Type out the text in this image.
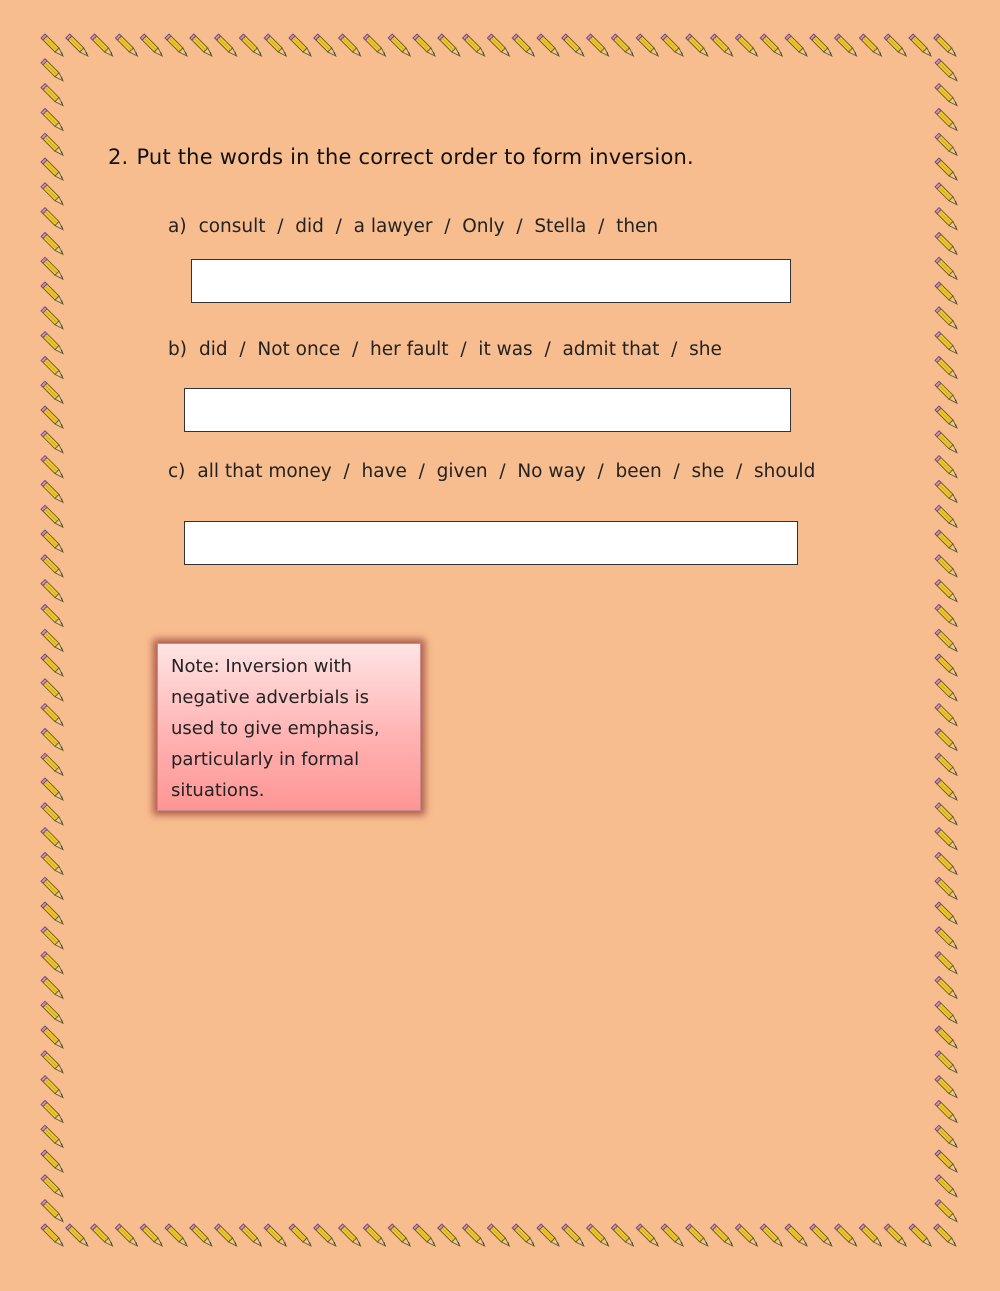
2. Put the words in the correct order to form inversion.
a) consult  /  did  /  a lawyer  /  Only  /  Stella  /  then
b) did  /  Not once  /  her fault  /  it was  /  admit that  /  she
c) all that money  /  have  /  given  /  No way  /  been  /  she  /  should
Note: Inversion with negative adverbials is used to give emphasis, particularly in formal situations.
